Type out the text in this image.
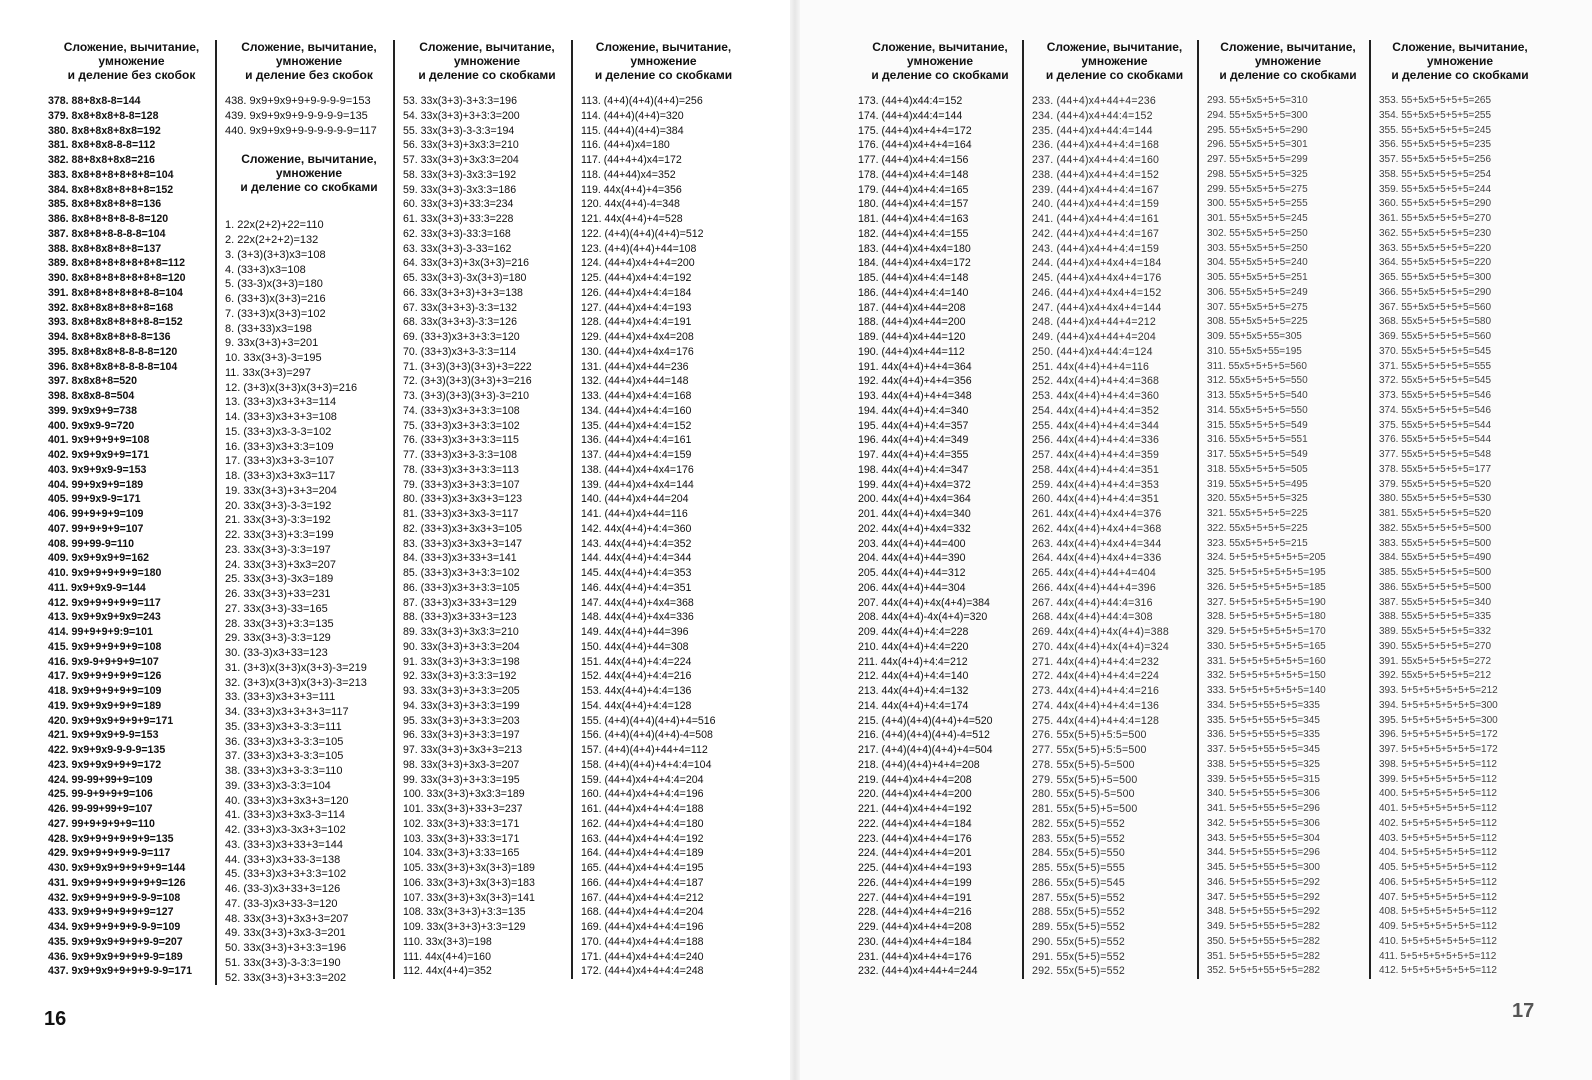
Сложение, вычитание,
умножение
и деление без скобок
378. 88+8x8-8=144
379. 8x8+8x8+8-8=128
380. 8x8+8x8+8x8=192
381. 8x8+8x8-8-8=112
382. 88+8x8+8x8=216
383. 8x8+8+8+8+8+8=104
384. 8x8+8x8+8+8+8=152
385. 8x8+8x8+8+8=136
386. 8x8+8+8+8-8-8=120
387. 8x8+8+8-8-8-8=104
388. 8x8+8x8+8+8=137
389. 8x8+8+8+8+8+8+8=112
390. 8x8+8+8+8+8+8+8=120
391. 8x8+8+8+8+8+8-8=104
392. 8x8+8x8+8+8+8=168
393. 8x8+8x8+8+8+8-8=152
394. 8x8+8x8+8+8-8=136
395. 8x8+8x8+8-8-8-8=120
396. 8x8+8x8+8-8-8-8=104
397. 8x8x8+8=520
398. 8x8x8-8=504
399. 9x9x9+9=738
400. 9x9x9-9=720
401. 9x9+9+9+9=108
402. 9x9+9x9+9=171
403. 9x9+9x9-9=153
404. 99+9x9+9=189
405. 99+9x9-9=171
406. 99+9+9+9=109
407. 99+9+9+9=107
408. 99+99-9=110
409. 9x9+9x9+9=162
410. 9x9+9+9+9+9=180
411. 9x9+9x9-9=144
412. 9x9+9+9+9+9=117
413. 9x9+9x9+9x9=243
414. 99+9+9+9:9=101
415. 9x9+9+9+9+9=108
416. 9x9-9+9+9+9=107
417. 9x9+9+9+9+9=126
418. 9x9+9+9+9+9=109
419. 9x9+9x9+9+9=189
420. 9x9+9x9+9+9+9=171
421. 9x9+9x9+9-9=153
422. 9x9+9x9-9-9-9=135
423. 9x9+9x9+9+9=172
424. 99-99+99+9=109
425. 99-9+9+9+9=106
426. 99-99+99+9=107
427. 99+9+9+9+9=110
428. 9x9+9+9+9+9+9=135
429. 9x9+9+9+9+9-9=117
430. 9x9+9x9+9+9+9+9=144
431. 9x9+9+9+9+9+9+9=126
432. 9x9+9+9+9+9-9-9=108
433. 9x9+9+9+9+9+9=127
434. 9x9+9+9+9+9-9-9=109
435. 9x9+9x9+9+9+9-9=207
436. 9x9+9x9+9+9+9-9=189
437. 9x9+9x9+9+9+9-9-9=171
Сложение, вычитание,
умножение
и деление без скобок
438. 9x9+9x9+9+9-9-9-9=153
439. 9x9+9x9+9-9-9-9-9=135
440. 9x9+9x9+9-9-9-9-9-9=117
Сложение, вычитание,
умножение
и деление со скобками
1. 22x(2+2)+22=110
2. 22x(2+2+2)=132
3. (3+3)(3+3)x3=108
4. (33+3)x3=108
5. (33-3)x(3+3)=180
6. (33+3)x(3+3)=216
7. (33+3)x(3+3)=102
8. (33+33)x3=198
9. 33x(3+3)+3=201
10. 33x(3+3)-3=195
11. 33x(3+3)=297
12. (3+3)x(3+3)x(3+3)=216
13. (33+3)x3+3+3=114
14. (33+3)x3+3+3=108
15. (33+3)x3-3-3=102
16. (33+3)x3+3:3=109
17. (33+3)x3+3-3=107
18. (33+3)x3+3x3=117
19. 33x(3+3)+3+3=204
20. 33x(3+3)-3-3=192
21. 33x(3+3)-3:3=192
22. 33x(3+3)+3:3=199
23. 33x(3+3)-3:3=197
24. 33x(3+3)+3x3=207
25. 33x(3+3)-3x3=189
26. 33x(3+3)+33=231
27. 33x(3+3)-33=165
28. 33x(3+3)+3:3=135
29. 33x(3+3)-3:3=129
30. (33-3)x3+33=123
31. (3+3)x(3+3)x(3+3)-3=219
32. (3+3)x(3+3)x(3+3)-3=213
33. (33+3)x3+3+3=111
34. (33+3)x3+3+3+3=117
35. (33+3)x3+3-3:3=111
36. (33+3)x3+3-3:3=105
37. (33+3)x3+3-3:3=105
38. (33+3)x3+3-3:3=110
39. (33+3)x3-3:3=104
40. (33+3)x3+3x3+3=120
41. (33+3)x3+3x3-3=114
42. (33+3)x3-3x3+3=102
43. (33+3)x3+33+3=144
44. (33+3)x3+33-3=138
45. (33+3)x3+3+3:3=102
46. (33-3)x3+33+3=126
47. (33-3)x3+33-3=120
48. 33x(3+3)+3x3+3=207
49. 33x(3+3)+3x3-3=201
50. 33x(3+3)+3+3:3=196
51. 33x(3+3)-3-3:3=190
52. 33x(3+3)+3+3:3=202
Сложение, вычитание,
умножение
и деление со скобками
53. 33x(3+3)-3+3:3=196
54. 33x(3+3)+3+3:3=200
55. 33x(3+3)-3-3:3=194
56. 33x(3+3)+3x3:3=210
57. 33x(3+3)+3x3:3=204
58. 33x(3+3)-3x3:3=192
59. 33x(3+3)-3x3:3=186
60. 33x(3+3)+33:3=234
61. 33x(3+3)+33:3=228
62. 33x(3+3)-33:3=168
63. 33x(3+3)-3-33=162
64. 33x(3+3)+3x(3+3)=216
65. 33x(3+3)-3x(3+3)=180
66. 33x(3+3+3)+3+3=138
67. 33x(3+3+3)-3:3=132
68. 33x(3+3+3)-3:3=126
69. (33+3)x3+3+3:3=120
70. (33+3)x3+3-3:3=114
71. (3+3)(3+3)(3+3)+3=222
72. (3+3)(3+3)(3+3)+3=216
73. (3+3)(3+3)(3+3)-3=210
74. (33+3)x3+3+3:3=108
75. (33+3)x3+3+3:3=102
76. (33+3)x3+3+3:3=115
77. (33+3)x3+3-3:3=108
78. (33+3)x3+3+3:3=113
79. (33+3)x3+3+3:3=107
80. (33+3)x3+3x3+3=123
81. (33+3)x3+3x3-3=117
82. (33+3)x3+3x3+3=105
83. (33+3)x3+3x3+3=147
84. (33+3)x3+33+3=141
85. (33+3)x3+3+3:3=102
86. (33+3)x3+3+3:3=105
87. (33+3)x3+33+3=129
88. (33+3)x3+33+3=123
89. 33x(3+3)+3x3:3=210
90. 33x(3+3)+3+3:3=204
91. 33x(3+3)+3+3:3=198
92. 33x(3+3)+3:3:3=192
93. 33x(3+3)+3+3:3=205
94. 33x(3+3)+3+3:3=199
95. 33x(3+3)+3+3:3=203
96. 33x(3+3)+3+3:3=197
97. 33x(3+3)+3x3+3=213
98. 33x(3+3)+3x3-3=207
99. 33x(3+3)+3+3:3=195
100. 33x(3+3)+3x3:3=189
101. 33x(3+3)+33+3=237
102. 33x(3+3)+33:3=171
103. 33x(3+3)+33:3=171
104. 33x(3+3)+3:33=165
105. 33x(3+3)+3x(3+3)=189
106. 33x(3+3)+3x(3+3)=183
107. 33x(3+3)+3x(3+3)=141
108. 33x(3+3+3)+3:3=135
109. 33x(3+3+3)+3:3=129
110. 33x(3+3)=198
111. 44x(4+4)=160
112. 44x(4+4)=352
Сложение, вычитание,
умножение
и деление со скобками
113. (4+4)(4+4)(4+4)=256
114. (44+4)(4+4)=320
115. (44+4)(4+4)=384
116. (44+4)x4=180
117. (44+4+4)x4=172
118. (44+44)x4=352
119. 44x(4+4)+4=356
120. 44x(4+4)-4=348
121. 44x(4+4)+4=528
122. (4+4)(4+4)(4+4)=512
123. (4+4)(4+4)+44=108
124. (44+4)x4+4+4=200
125. (44+4)x4+4:4=192
126. (44+4)x4+4:4=184
127. (44+4)x4+4:4=193
128. (44+4)x4+4:4=191
129. (44+4)x4+4x4=208
130. (44+4)x4+4x4=176
131. (44+4)x4+44=236
132. (44+4)x4+44=148
133. (44+4)x4+4:4=168
134. (44+4)x4+4:4=160
135. (44+4)x4+4:4=152
136. (44+4)x4+4:4=161
137. (44+4)x4+4:4=159
138. (44+4)x4+4x4=176
139. (44+4)x4+4x4=144
140. (44+4)x4+44=204
141. (44+4)x4+44=116
142. 44x(4+4)+4:4=360
143. 44x(4+4)+4:4=352
144. 44x(4+4)+4:4=344
145. 44x(4+4)+4:4=353
146. 44x(4+4)+4:4=351
147. 44x(4+4)+4x4=368
148. 44x(4+4)+4x4=336
149. 44x(4+4)+44=396
150. 44x(4+4)+44=308
151. 44x(4+4)+4:4=224
152. 44x(4+4)+4:4=216
153. 44x(4+4)+4:4=136
154. 44x(4+4)+4:4=128
155. (4+4)(4+4)(4+4)+4=516
156. (4+4)(4+4)(4+4)-4=508
157. (4+4)(4+4)+44+4=112
158. (4+4)(4+4)+4+4:4=104
159. (44+4)x4+4+4:4=204
160. (44+4)x4+4+4:4=196
161. (44+4)x4+4+4:4=188
162. (44+4)x4+4+4:4=180
163. (44+4)x4+4+4:4=192
164. (44+4)x4+4+4:4=189
165. (44+4)x4+4+4:4=195
166. (44+4)x4+4+4:4=187
167. (44+4)x4+4+4:4=212
168. (44+4)x4+4+4:4=204
169. (44+4)x4+4+4:4=196
170. (44+4)x4+4+4:4=188
171. (44+4)x4+4+4:4=240
172. (44+4)x4+4+4:4=248
16
Сложение, вычитание,
умножение
и деление со скобками
173. (44+4)x44:4=152
174. (44+4)x44:4=144
175. (44+4)x4+4+4=172
176. (44+4)x4+4+4=164
177. (44+4)x4+4:4=156
178. (44+4)x4+4:4=148
179. (44+4)x4+4:4=165
180. (44+4)x4+4:4=157
181. (44+4)x4+4:4=163
182. (44+4)x4+4:4=155
183. (44+4)x4+4x4=180
184. (44+4)x4+4x4=172
185. (44+4)x4+4:4=148
186. (44+4)x4+4:4=140
187. (44+4)x4+44=208
188. (44+4)x4+44=200
189. (44+4)x4+44=120
190. (44+4)x4+44=112
191. 44x(4+4)+4+4=364
192. 44x(4+4)+4+4=356
193. 44x(4+4)+4+4=348
194. 44x(4+4)+4:4=340
195. 44x(4+4)+4:4=357
196. 44x(4+4)+4:4=349
197. 44x(4+4)+4:4=355
198. 44x(4+4)+4:4=347
199. 44x(4+4)+4x4=372
200. 44x(4+4)+4x4=364
201. 44x(4+4)+4x4=340
202. 44x(4+4)+4x4=332
203. 44x(4+4)+44=400
204. 44x(4+4)+44=390
205. 44x(4+4)+44=312
206. 44x(4+4)+44=304
207. 44x(4+4)+4x(4+4)=384
208. 44x(4+4)-4x(4+4)=320
209. 44x(4+4)+4:4=228
210. 44x(4+4)+4:4=220
211. 44x(4+4)+4:4=212
212. 44x(4+4)+4:4=140
213. 44x(4+4)+4:4=132
214. 44x(4+4)+4:4=174
215. (4+4)(4+4)(4+4)+4=520
216. (4+4)(4+4)(4+4)-4=512
217. (4+4)(4+4)(4+4)+4=504
218. (4+4)(4+4)+4+4=208
219. (44+4)x4+4+4=208
220. (44+4)x4+4+4=200
221. (44+4)x4+4+4=192
222. (44+4)x4+4+4=184
223. (44+4)x4+4+4=176
224. (44+4)x4+4+4=201
225. (44+4)x4+4+4=193
226. (44+4)x4+4+4=199
227. (44+4)x4+4+4=191
228. (44+4)x4+4+4=216
229. (44+4)x4+4+4=208
230. (44+4)x4+4+4=184
231. (44+4)x4+4+4=176
232. (44+4)x4+44+4=244
Сложение, вычитание,
умножение
и деление со скобками
233. (44+4)x4+44+4=236
234. (44+4)x4+44:4=152
235. (44+4)x4+44:4=144
236. (44+4)x4+4+4:4=168
237. (44+4)x4+4+4:4=160
238. (44+4)x4+4+4:4=152
239. (44+4)x4+4+4:4=167
240. (44+4)x4+4+4:4=159
241. (44+4)x4+4+4:4=161
242. (44+4)x4+4+4:4=167
243. (44+4)x4+4+4:4=159
244. (44+4)x4+4x4+4=184
245. (44+4)x4+4x4+4=176
246. (44+4)x4+4x4+4=152
247. (44+4)x4+4x4+4=144
248. (44+4)x4+44+4=212
249. (44+4)x4+44+4=204
250. (44+4)x4+44:4=124
251. 44x(4+4)+4+4=116
252. 44x(4+4)+4+4:4=368
253. 44x(4+4)+4+4:4=360
254. 44x(4+4)+4+4:4=352
255. 44x(4+4)+4+4:4=344
256. 44x(4+4)+4+4:4=336
257. 44x(4+4)+4+4:4=359
258. 44x(4+4)+4+4:4=351
259. 44x(4+4)+4+4:4=353
260. 44x(4+4)+4+4:4=351
261. 44x(4+4)+4x4+4=376
262. 44x(4+4)+4x4+4=368
263. 44x(4+4)+4x4+4=344
264. 44x(4+4)+4x4+4=336
265. 44x(4+4)+44+4=404
266. 44x(4+4)+44+4=396
267. 44x(4+4)+44:4=316
268. 44x(4+4)+44:4=308
269. 44x(4+4)+4x(4+4)=388
270. 44x(4+4)+4x(4+4)=324
271. 44x(4+4)+4+4:4=232
272. 44x(4+4)+4+4:4=224
273. 44x(4+4)+4+4:4=216
274. 44x(4+4)+4+4:4=136
275. 44x(4+4)+4+4:4=128
276. 55x(5+5)+5:5=500
277. 55x(5+5)+5:5=500
278. 55x(5+5)-5=500
279. 55x(5+5)+5=500
280. 55x(5+5)-5=500
281. 55x(5+5)+5=500
282. 55x(5+5)=552
283. 55x(5+5)=552
284. 55x(5+5)=550
285. 55x(5+5)=555
286. 55x(5+5)=545
287. 55x(5+5)=552
288. 55x(5+5)=552
289. 55x(5+5)=552
290. 55x(5+5)=552
291. 55x(5+5)=552
292. 55x(5+5)=552
Сложение, вычитание,
умножение
и деление со скобками
293. 55+5x5+5+5=310
294. 55+5x5+5+5=300
295. 55+5x5+5+5=290
296. 55+5x5+5+5=301
297. 55+5x5+5+5=299
298. 55+5x5+5+5=325
299. 55+5x5+5+5=275
300. 55+5x5+5+5=255
301. 55+5x5+5+5=245
302. 55+5x5+5+5=250
303. 55+5x5+5+5=250
304. 55+5x5+5+5=240
305. 55+5x5+5+5=251
306. 55+5x5+5+5=249
307. 55+5x5+5+5=275
308. 55+5x5+5+5=225
309. 55+5x5+55=305
310. 55+5x5+55=195
311. 55x5+5+5+5=560
312. 55x5+5+5+5=550
313. 55x5+5+5+5=540
314. 55x5+5+5+5=550
315. 55x5+5+5+5=549
316. 55x5+5+5+5=551
317. 55x5+5+5+5=549
318. 55x5+5+5+5=505
319. 55x5+5+5+5=495
320. 55x5+5+5+5=325
321. 55x5+5+5+5=225
322. 55x5+5+5+5=225
323. 55x5+5+5+5=215
324. 5+5+5+5+5+5+5=205
325. 5+5+5+5+5+5+5=195
326. 5+5+5+5+5+5+5=185
327. 5+5+5+5+5+5+5=190
328. 5+5+5+5+5+5+5=180
329. 5+5+5+5+5+5+5=170
330. 5+5+5+5+5+5+5=165
331. 5+5+5+5+5+5+5=160
332. 5+5+5+5+5+5+5=150
333. 5+5+5+5+5+5+5=140
334. 5+5+5+55+5+5=335
335. 5+5+5+55+5+5=345
336. 5+5+5+55+5+5=335
337. 5+5+5+55+5+5=345
338. 5+5+5+55+5+5=325
339. 5+5+5+55+5+5=315
340. 5+5+5+55+5+5=306
341. 5+5+5+55+5+5=296
342. 5+5+5+55+5+5=306
343. 5+5+5+55+5+5=304
344. 5+5+5+55+5+5=296
345. 5+5+5+55+5+5=300
346. 5+5+5+55+5+5=292
347. 5+5+5+55+5+5=292
348. 5+5+5+55+5+5=292
349. 5+5+5+55+5+5=282
350. 5+5+5+55+5+5=282
351. 5+5+5+55+5+5=282
352. 5+5+5+55+5+5=282
Сложение, вычитание,
умножение
и деление со скобками
353. 55+5x5+5+5+5=265
354. 55+5x5+5+5+5=255
355. 55+5x5+5+5+5=245
356. 55+5x5+5+5+5=235
357. 55+5x5+5+5+5=256
358. 55+5x5+5+5+5=254
359. 55+5x5+5+5+5=244
360. 55+5x5+5+5+5=290
361. 55+5x5+5+5+5=270
362. 55+5x5+5+5+5=230
363. 55+5x5+5+5+5=220
364. 55+5x5+5+5+5=220
365. 55+5x5+5+5+5=300
366. 55+5x5+5+5+5=290
367. 55+5x5+5+5+5=560
368. 55x5+5+5+5+5=580
369. 55x5+5+5+5+5=560
370. 55x5+5+5+5+5=545
371. 55x5+5+5+5+5=555
372. 55x5+5+5+5+5=545
373. 55x5+5+5+5+5=546
374. 55x5+5+5+5+5=546
375. 55x5+5+5+5+5=544
376. 55x5+5+5+5+5=544
377. 55x5+5+5+5+5=548
378. 55x5+5+5+5+5=177
379. 55x5+5+5+5+5=520
380. 55x5+5+5+5+5=530
381. 55x5+5+5+5+5=520
382. 55x5+5+5+5+5=500
383. 55x5+5+5+5+5=500
384. 55x5+5+5+5+5=490
385. 55x5+5+5+5+5=500
386. 55x5+5+5+5+5=500
387. 55x5+5+5+5+5=340
388. 55x5+5+5+5+5=335
389. 55x5+5+5+5+5=332
390. 55x5+5+5+5+5=270
391. 55x5+5+5+5+5=272
392. 55x5+5+5+5+5=212
393. 5+5+5+5+5+5+5=212
394. 5+5+5+5+5+5+5=300
395. 5+5+5+5+5+5+5=300
396. 5+5+5+5+5+5+5=172
397. 5+5+5+5+5+5+5=172
398. 5+5+5+5+5+5+5=112
399. 5+5+5+5+5+5+5=112
400. 5+5+5+5+5+5+5=112
401. 5+5+5+5+5+5+5=112
402. 5+5+5+5+5+5+5=112
403. 5+5+5+5+5+5+5=112
404. 5+5+5+5+5+5+5=112
405. 5+5+5+5+5+5+5=112
406. 5+5+5+5+5+5+5=112
407. 5+5+5+5+5+5+5=112
408. 5+5+5+5+5+5+5=112
409. 5+5+5+5+5+5+5=112
410. 5+5+5+5+5+5+5=112
411. 5+5+5+5+5+5+5=112
412. 5+5+5+5+5+5+5=112
17
